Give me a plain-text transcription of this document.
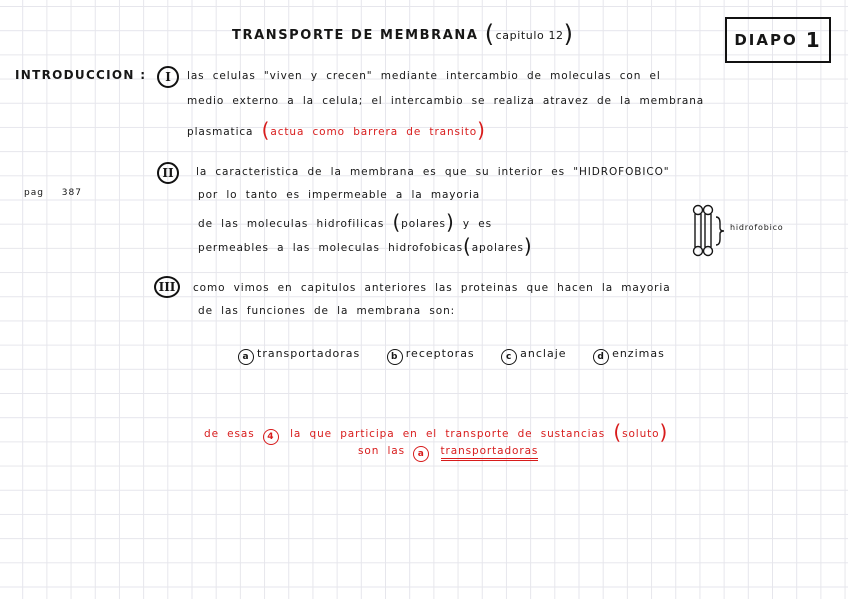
TRANSPORTE DE MEMBRANA (capitulo 12)	DIAPO 1
INTRODUCCION :	I	las celulas "viven y crecen" mediante intercambio de moleculas con el
medio externo a la celula; el intercambio se realiza atravez de la membrana
plasmatica (actua como barrera de transito)
pag 387
II	la caracteristica de la membrana es que su interior es "HIDROFOBICO"
por lo tanto es impermeable a la mayoria
de las moleculas hidrofilicas (polares) y es
permeables a las moleculas hidrofobicas(apolares)
hidrofobico
III	como vimos en capitulos anteriores las proteinas que hacen la mayoria
de las funciones de la membrana son:
a transportadoras	b receptoras	c anclaje	d enzimas
de esas 4 la que participa en el transporte de sustancias (soluto)
son las a transportadoras
